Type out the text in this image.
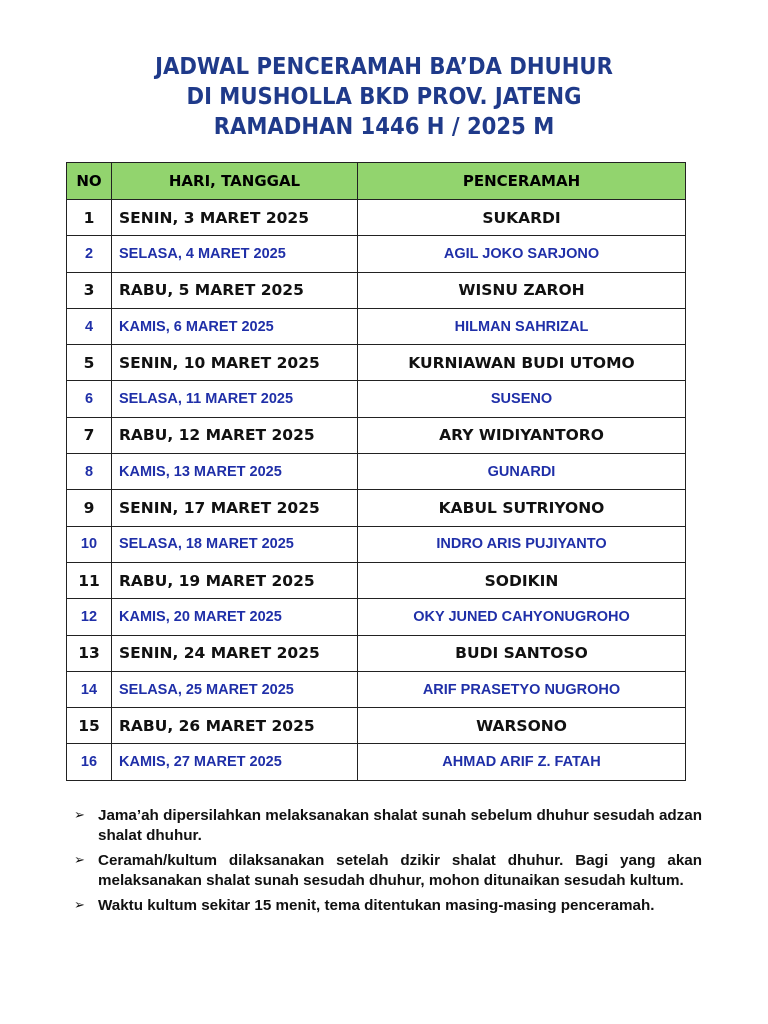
JADWAL PENCERAMAH BA’DA DHUHUR
DI MUSHOLLA BKD PROV. JATENG
RAMADHAN 1446 H / 2025 M
NO	HARI, TANGGAL	PENCERAMAH
1	SENIN, 3 MARET 2025	SUKARDI
2	SELASA, 4 MARET 2025	AGIL JOKO SARJONO
3	RABU, 5 MARET 2025	WISNU ZAROH
4	KAMIS, 6 MARET 2025	HILMAN SAHRIZAL
5	SENIN, 10 MARET 2025	KURNIAWAN BUDI UTOMO
6	SELASA, 11 MARET 2025	SUSENO
7	RABU, 12 MARET 2025	ARY WIDIYANTORO
8	KAMIS, 13 MARET 2025	GUNARDI
9	SENIN, 17 MARET 2025	KABUL SUTRIYONO
10	SELASA, 18 MARET 2025	INDRO ARIS PUJIYANTO
11	RABU, 19 MARET 2025	SODIKIN
12	KAMIS, 20 MARET 2025	OKY JUNED CAHYONUGROHO
13	SENIN, 24 MARET 2025	BUDI SANTOSO
14	SELASA, 25 MARET 2025	ARIF PRASETYO NUGROHO
15	RABU, 26 MARET 2025	WARSONO
16	KAMIS, 27 MARET 2025	AHMAD ARIF Z. FATAH
➢ Jama’ah dipersilahkan melaksanakan shalat sunah sebelum dhuhur sesudah adzan shalat dhuhur.
➢ Ceramah/kultum dilaksanakan setelah dzikir shalat dhuhur. Bagi yang akan melaksanakan shalat sunah sesudah dhuhur, mohon ditunaikan sesudah kultum.
➢ Waktu kultum sekitar 15 menit, tema ditentukan masing-masing penceramah.
